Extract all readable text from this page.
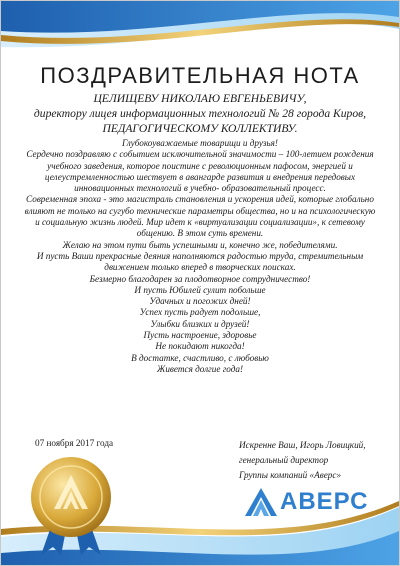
ПОЗДРАВИТЕЛЬНАЯ НОТА
ЦЕЛИЩЕВУ НИКОЛАЮ ЕВГЕНЬЕВИЧУ,
директору лицея информационных технологий № 28 города Киров,
ПЕДАГОГИЧЕСКОМУ КОЛЛЕКТИВУ.

Глубокоуважаемые товарищи и друзья!

Сердечно поздравляю с событием исключительной значимости – 100-летием рождения учебного заведения, которое поистине с революционным пафосом, энергией и целеустремленностью шествует в авангарде развития и внедрения передовых инновационных технологий в учебно- образовательный процесс.

Современная эпоха - это магистраль становления и ускорения идей, которые глобально влияют не только на сугубо технические параметры общества, но и на психологическую и социальную жизнь людей. Мир идет к «виртуализации социализации», к сетевому общению. В этом суть времени.

Желаю на этом пути быть успешными и, конечно же, победителями.

И пусть Ваши прекрасные деяния наполняются радостью труда, стремительным движением только вперед в творческих поисках.

Безмерно благодарен за плодотворное сотрудничество!

И пусть Юбилей сулит побольше

Удачных и погожих дней!

Успех пусть радует подольше,

Улыбки близких и друзей!

Пусть настроение, здоровье

Не покидают никогда!

В достатке, счастливо, с любовью

Живется долгие года!

07 ноября 2017 года	Искренне Ваш, Игорь Ловицкий,
генеральный директор
Группы компаний «Аверс»
АВЕРС
